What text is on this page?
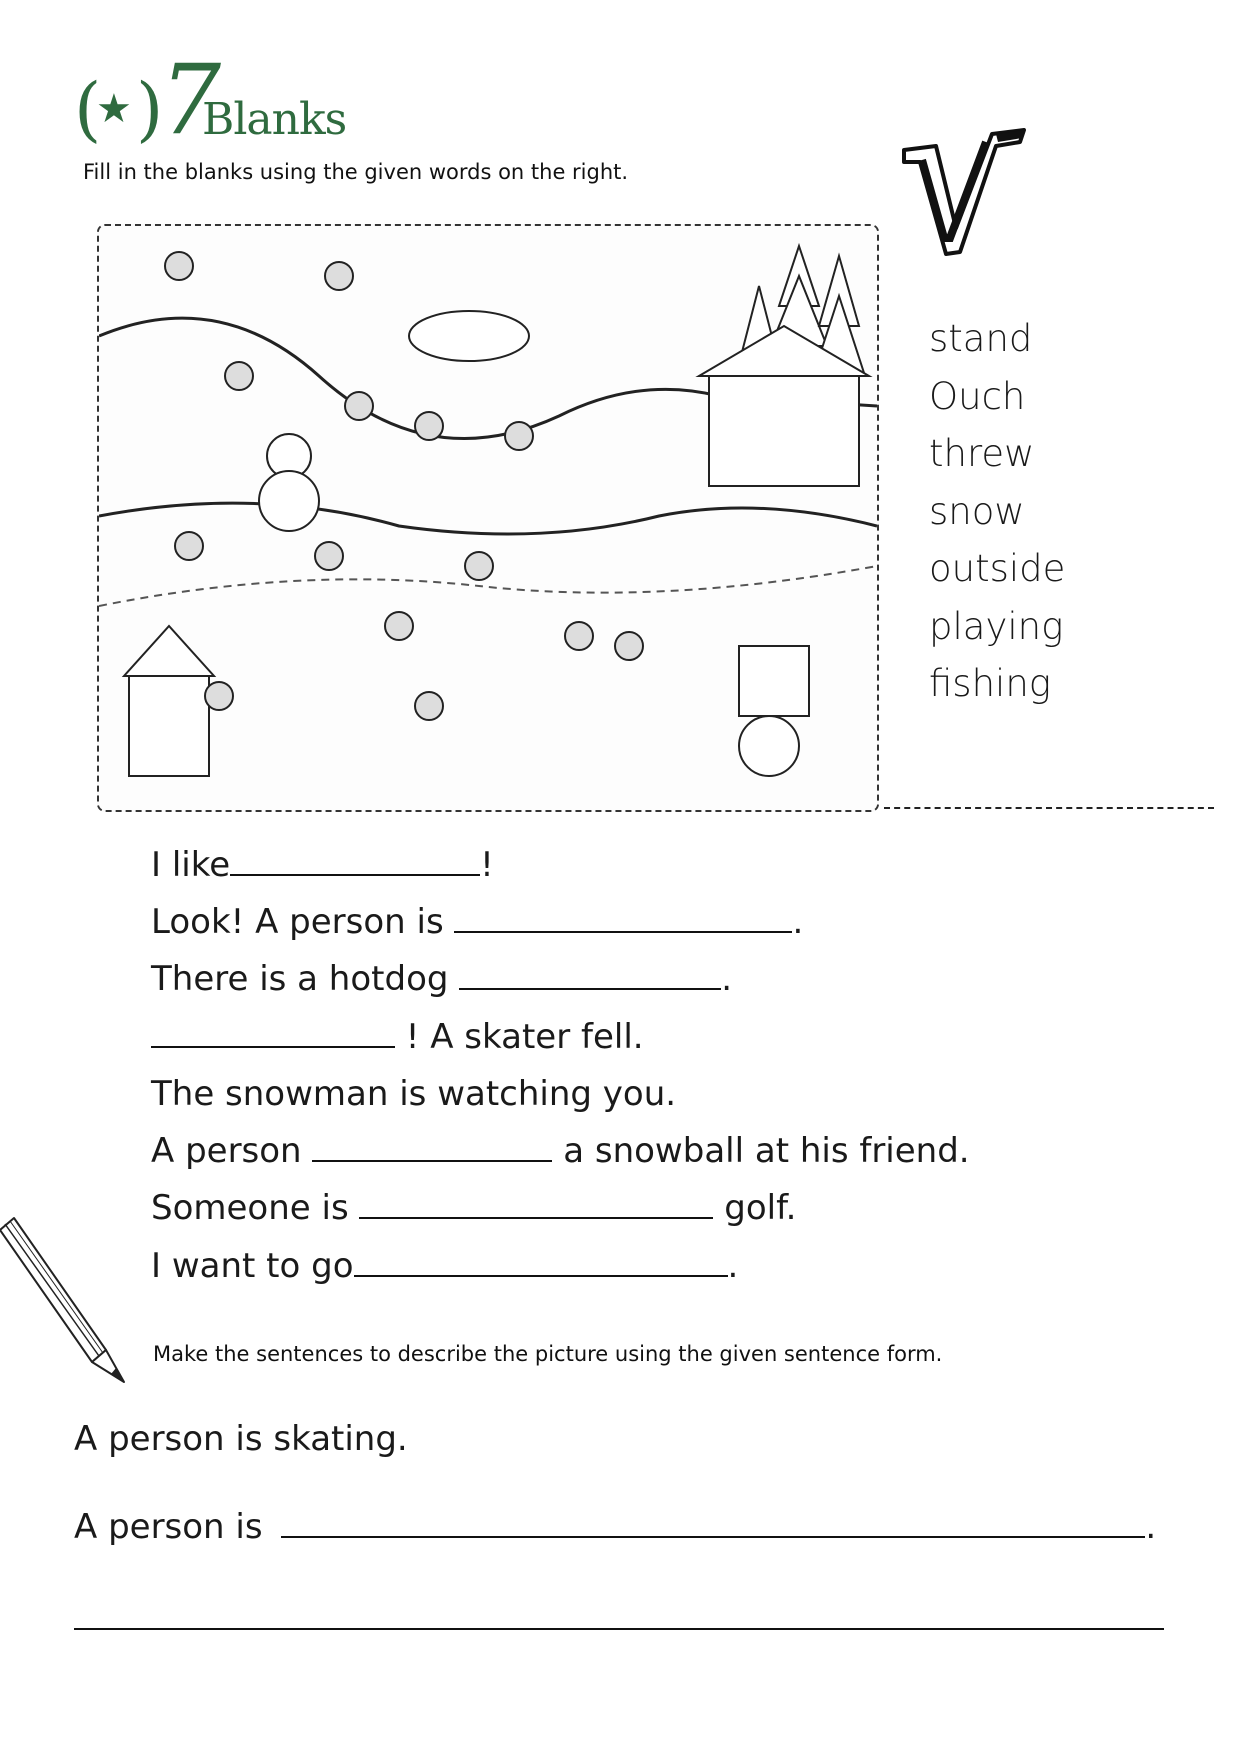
(
★ )
7
Blanks
Fill in the blanks using the given words on the right.
stand
Ouch
threw
snow
outside
playing
fishing
I like	!
Look! A person is	.
There is a hotdog	.
! A skater fell.
The snowman is watching you.
A person	a snowball at his friend.
Someone is	golf.
I want to go	.
Make the sentences to describe the picture using the given sentence form.
A person is skating.
A person is	.
